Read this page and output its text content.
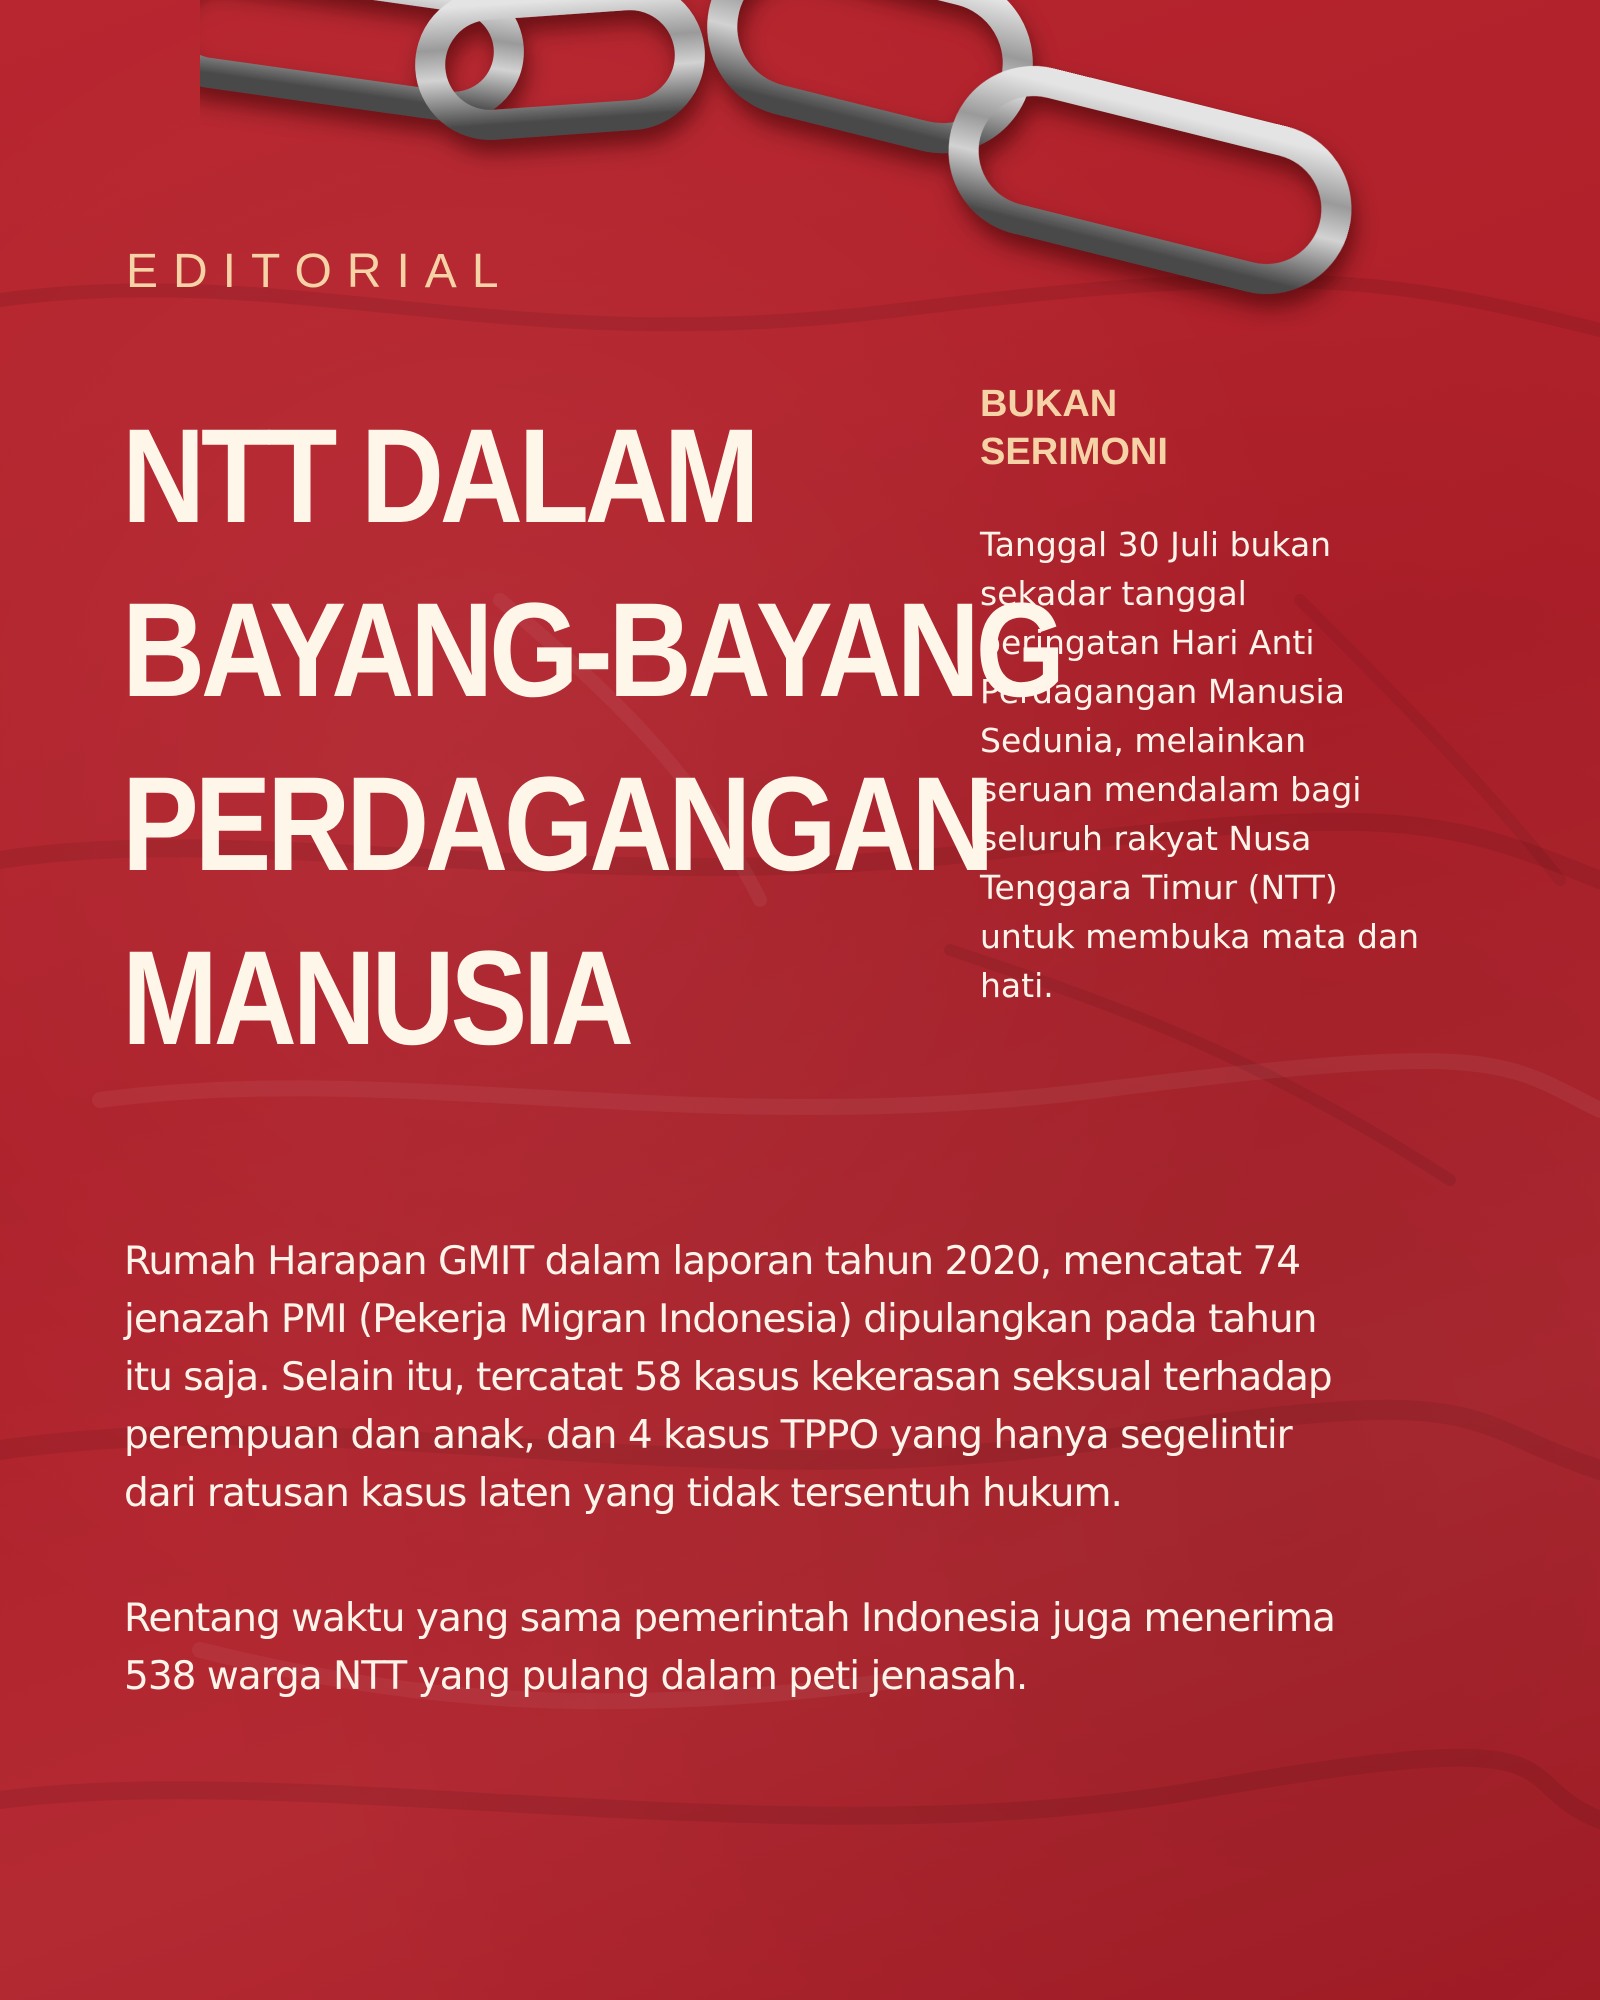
EDITORIAL
NTT DALAM
BAYANG-BAYANG
PERDAGANGAN
MANUSIA
BUKAN
SERIMONI
Tanggal 30 Juli bukan
sekadar tanggal
peringatan Hari Anti
Perdagangan Manusia
Sedunia, melainkan
seruan mendalam bagi
seluruh rakyat Nusa
Tenggara Timur (NTT)
untuk membuka mata dan
hati.
Rumah Harapan GMIT dalam laporan tahun 2020, mencatat 74
jenazah PMI (Pekerja Migran Indonesia) dipulangkan pada tahun
itu saja. Selain itu, tercatat 58 kasus kekerasan seksual terhadap
perempuan dan anak, dan 4 kasus TPPO yang hanya segelintir
dari ratusan kasus laten yang tidak tersentuh hukum.
Rentang waktu yang sama pemerintah Indonesia juga menerima
538 warga NTT yang pulang dalam peti jenasah.
